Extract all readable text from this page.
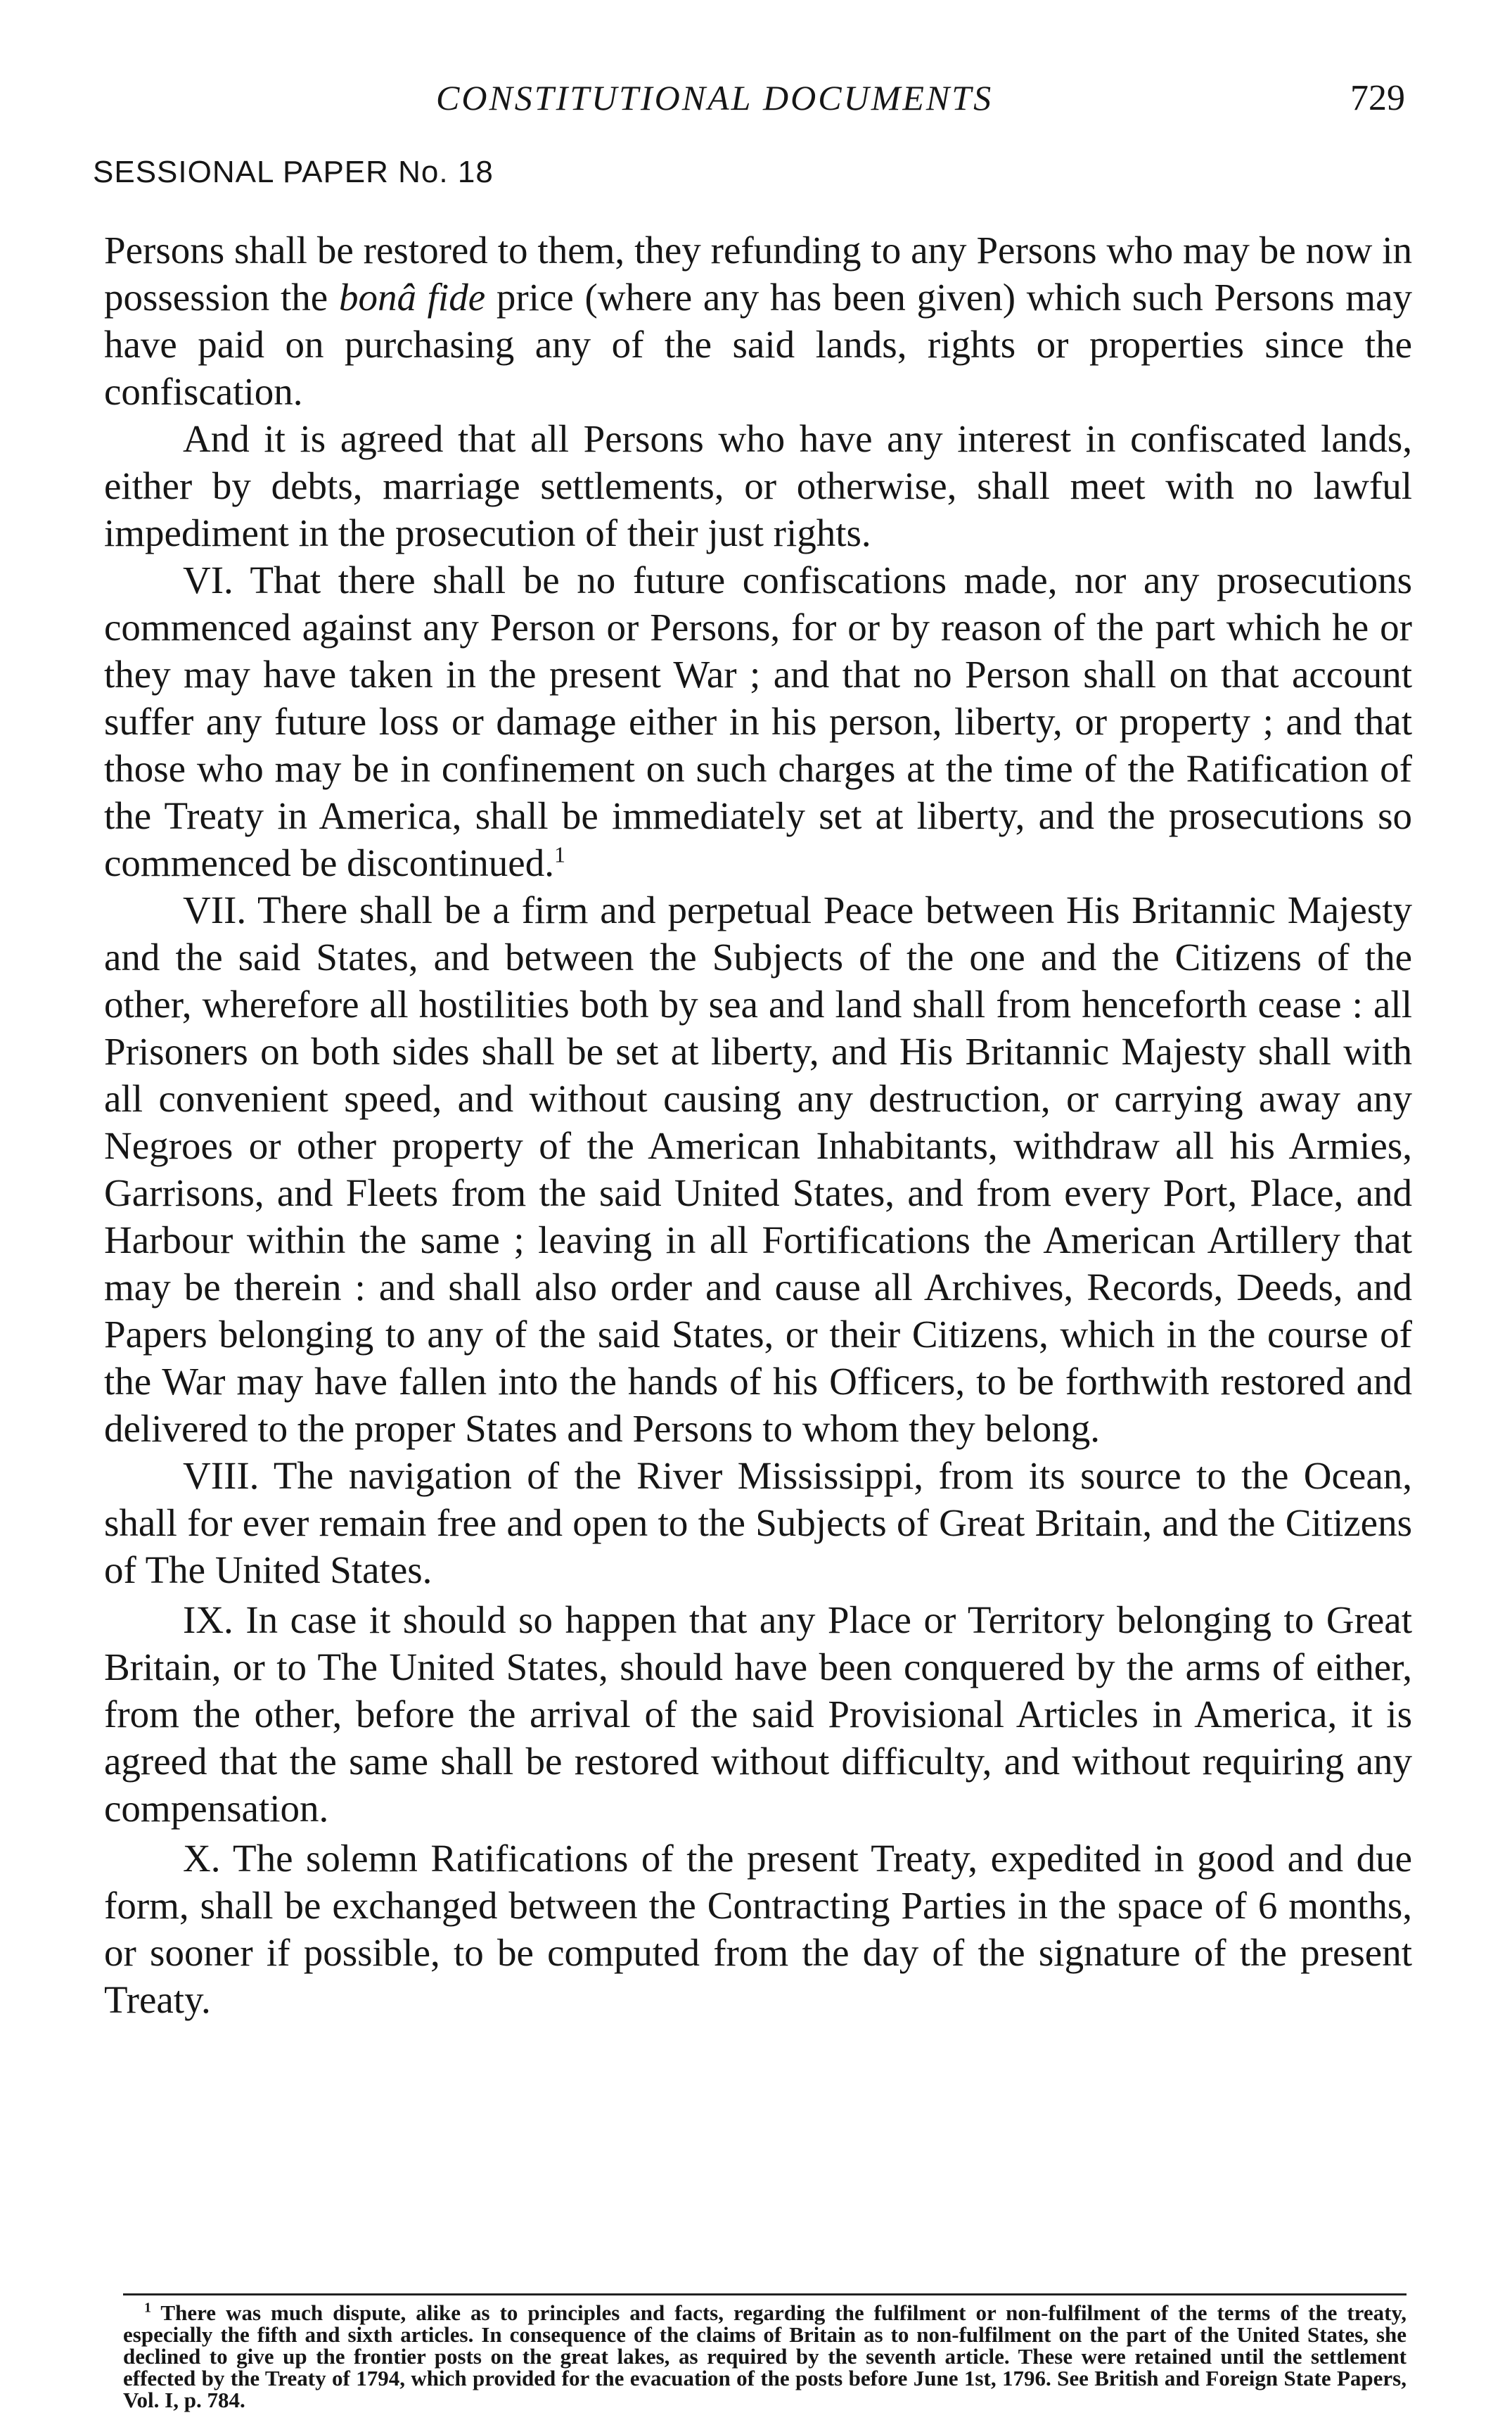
CONSTITUTIONAL DOCUMENTS	729
SESSIONAL PAPER No. 18

Persons shall be restored to them, they refunding to any Persons who may be now in possession the bonâ fide price (where any has been given) which such Persons may have paid on purchasing any of the said lands, rights or properties since the confiscation.

And it is agreed that all Persons who have any interest in confiscated lands, either by debts, marriage settlements, or otherwise, shall meet with no lawful impediment in the prosecution of their just rights.

VI. That there shall be no future confiscations made, nor any prosecutions commenced against any Person or Persons, for or by reason of the part which he or they may have taken in the present War ; and that no Person shall on that account suffer any future loss or damage either in his person, liberty, or property ; and that those who may be in confinement on such charges at the time of the Ratification of the Treaty in America, shall be immediately set at liberty, and the prosecutions so commenced be discontinued.$^1$

VII. There shall be a firm and perpetual Peace between His Britannic Majesty and the said States, and between the Subjects of the one and the Citizens of the other, wherefore all hostilities both by sea and land shall from henceforth cease : all Prisoners on both sides shall be set at liberty, and His Britannic Majesty shall with all convenient speed, and without causing any destruction, or carrying away any Negroes or other property of the American Inhabitants, withdraw all his Armies, Garrisons, and Fleets from the said United States, and from every Port, Place, and Harbour within the same ; leaving in all Fortifications the American Artillery that may be therein : and shall also order and cause all Archives, Records, Deeds, and Papers belonging to any of the said States, or their Citizens, which in the course of the War may have fallen into the hands of his Officers, to be forthwith restored and delivered to the proper States and Persons to whom they belong.

VIII. The navigation of the River Mississippi, from its source to the Ocean, shall for ever remain free and open to the Subjects of Great Britain, and the Citizens of The United States.

IX. In case it should so happen that any Place or Territory belonging to Great Britain, or to The United States, should have been conquered by the arms of either, from the other, before the arrival of the said Provisional Articles in America, it is agreed that the same shall be restored without difficulty, and without requiring any compensation.

X. The solemn Ratifications of the present Treaty, expedited in good and due form, shall be exchanged between the Contracting Parties in the space of 6 months, or sooner if possible, to be computed from the day of the signature of the present Treaty.

$^1$ There was much dispute, alike as to principles and facts, regarding the fulfilment or non-fulfilment of the terms of the treaty, especially the fifth and sixth articles. In consequence of the claims of Britain as to non-fulfilment on the part of the United States, she declined to give up the frontier posts on the great lakes, as required by the seventh article. These were retained until the settlement effected by the Treaty of 1794, which provided for the evacuation of the posts before June 1st, 1796. See British and Foreign State Papers, Vol. I, p. 784.
